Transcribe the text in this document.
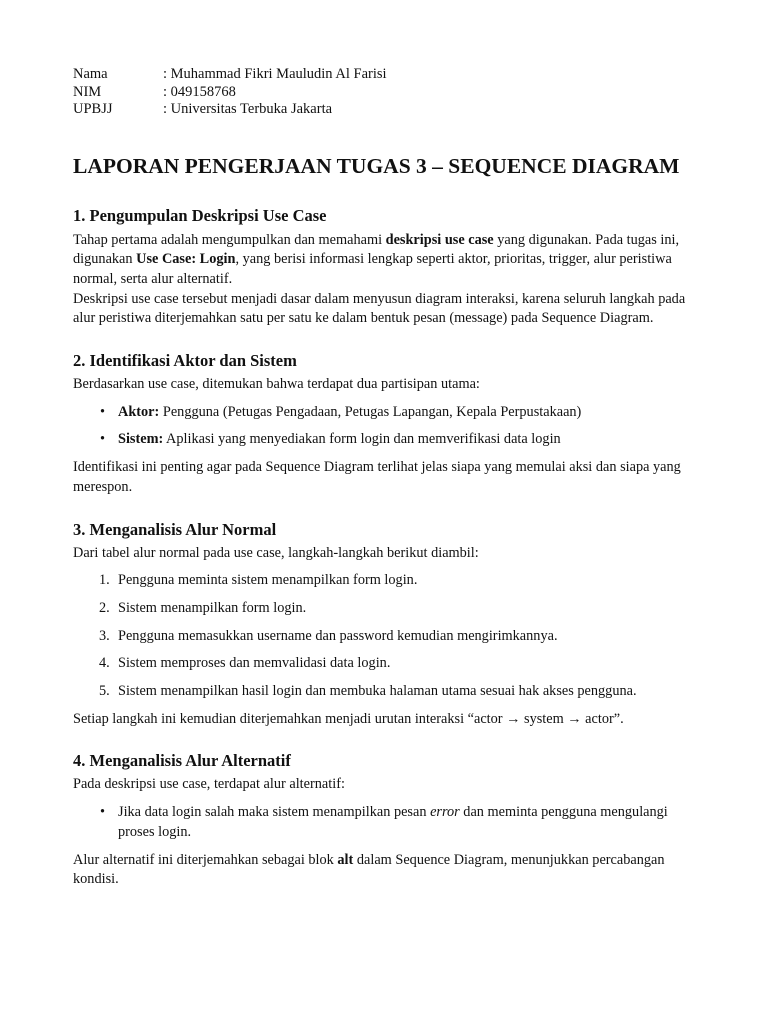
Nama	: Muhammad Fikri Mauludin Al Farisi
NIM	: 049158768
UPBJJ	: Universitas Terbuka Jakarta
LAPORAN PENGERJAAN TUGAS 3 – SEQUENCE DIAGRAM
1. Pengumpulan Deskripsi Use Case

Tahap pertama adalah mengumpulkan dan memahami deskripsi use case yang digunakan. Pada tugas ini, digunakan Use Case: Login, yang berisi informasi lengkap seperti aktor, prioritas, trigger, alur peristiwa normal, serta alur alternatif.

Deskripsi use case tersebut menjadi dasar dalam menyusun diagram interaksi, karena seluruh langkah pada alur peristiwa diterjemahkan satu per satu ke dalam bentuk pesan (message) pada Sequence Diagram.

2. Identifikasi Aktor dan Sistem

Berdasarkan use case, ditemukan bahwa terdapat dua partisipan utama:

• Aktor: Pengguna (Petugas Pengadaan, Petugas Lapangan, Kepala Perpustakaan)
• Sistem: Aplikasi yang menyediakan form login dan memverifikasi data login

Identifikasi ini penting agar pada Sequence Diagram terlihat jelas siapa yang memulai aksi dan siapa yang merespon.

3. Menganalisis Alur Normal

Dari tabel alur normal pada use case, langkah-langkah berikut diambil:

1. Pengguna meminta sistem menampilkan form login.
2. Sistem menampilkan form login.
3. Pengguna memasukkan username dan password kemudian mengirimkannya.
4. Sistem memproses dan memvalidasi data login.
5. Sistem menampilkan hasil login dan membuka halaman utama sesuai hak akses pengguna.

Setiap langkah ini kemudian diterjemahkan menjadi urutan interaksi “actor → system → actor”.

4. Menganalisis Alur Alternatif

Pada deskripsi use case, terdapat alur alternatif:

• Jika data login salah maka sistem menampilkan pesan error dan meminta pengguna mengulangi proses login.

Alur alternatif ini diterjemahkan sebagai blok alt dalam Sequence Diagram, menunjukkan percabangan kondisi.
